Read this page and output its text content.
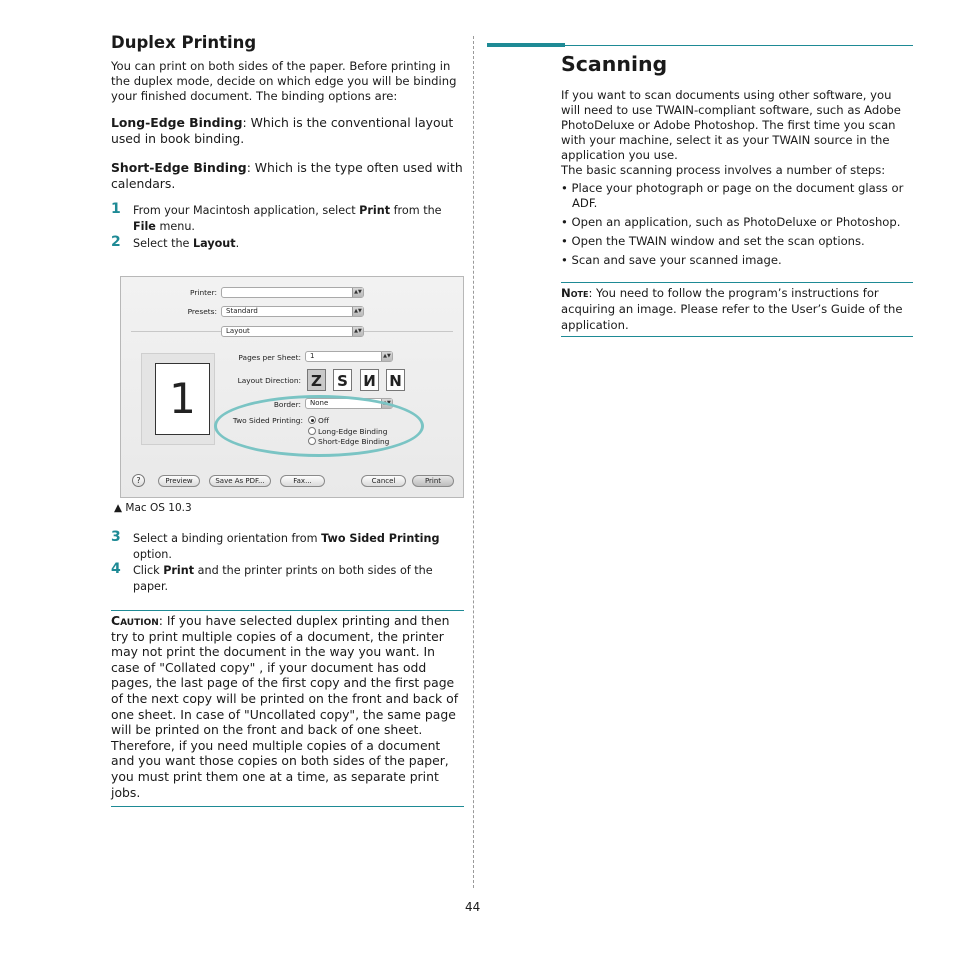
Duplex Printing

You can print on both sides of the paper. Before printing in the duplex mode, decide on which edge you will be binding your finished document. The binding options are:

Long-Edge Binding: Which is the conventional layout used in book binding.

Short-Edge Binding: Which is the type often used with calendars.

1 From your Macintosh application, select Print from the File menu.
2 Select the Layout.
Printer:	▲▼
Presets:	Standard	▲▼
Layout	▲▼
1
Pages per Sheet:	1	▲▼
Layout Direction: Z S И N
Border:	None	▲▼
Two Sided Printing: Off
Long-Edge Binding
Short-Edge Binding
?	Preview	Save As PDF...	Fax...	Cancel	Print
▲ Mac OS 10.3
3 Select a binding orientation from Two Sided Printing option.
4 Click Print and the printer prints on both sides of the paper.

Caution: If you have selected duplex printing and then try to print multiple copies of a document, the printer may not print the document in the way you want. In case of "Collated copy" , if your document has odd pages, the last page of the first copy and the first page of the next copy will be printed on the front and back of one sheet. In case of "Uncollated copy", the same page will be printed on the front and back of one sheet. Therefore, if you need multiple copies of a document and you want those copies on both sides of the paper, you must print them one at a time, as separate print jobs.

Scanning

If you want to scan documents using other software, you will need to use TWAIN-compliant software, such as Adobe PhotoDeluxe or Adobe Photoshop. The first time you scan with your machine, select it as your TWAIN source in the application you use.

The basic scanning process involves a number of steps:

• Place your photograph or page on the document glass or ADF.
• Open an application, such as PhotoDeluxe or Photoshop.
• Open the TWAIN window and set the scan options.
• Scan and save your scanned image.

Note: You need to follow the program’s instructions for acquiring an image. Please refer to the User’s Guide of the application.

44
